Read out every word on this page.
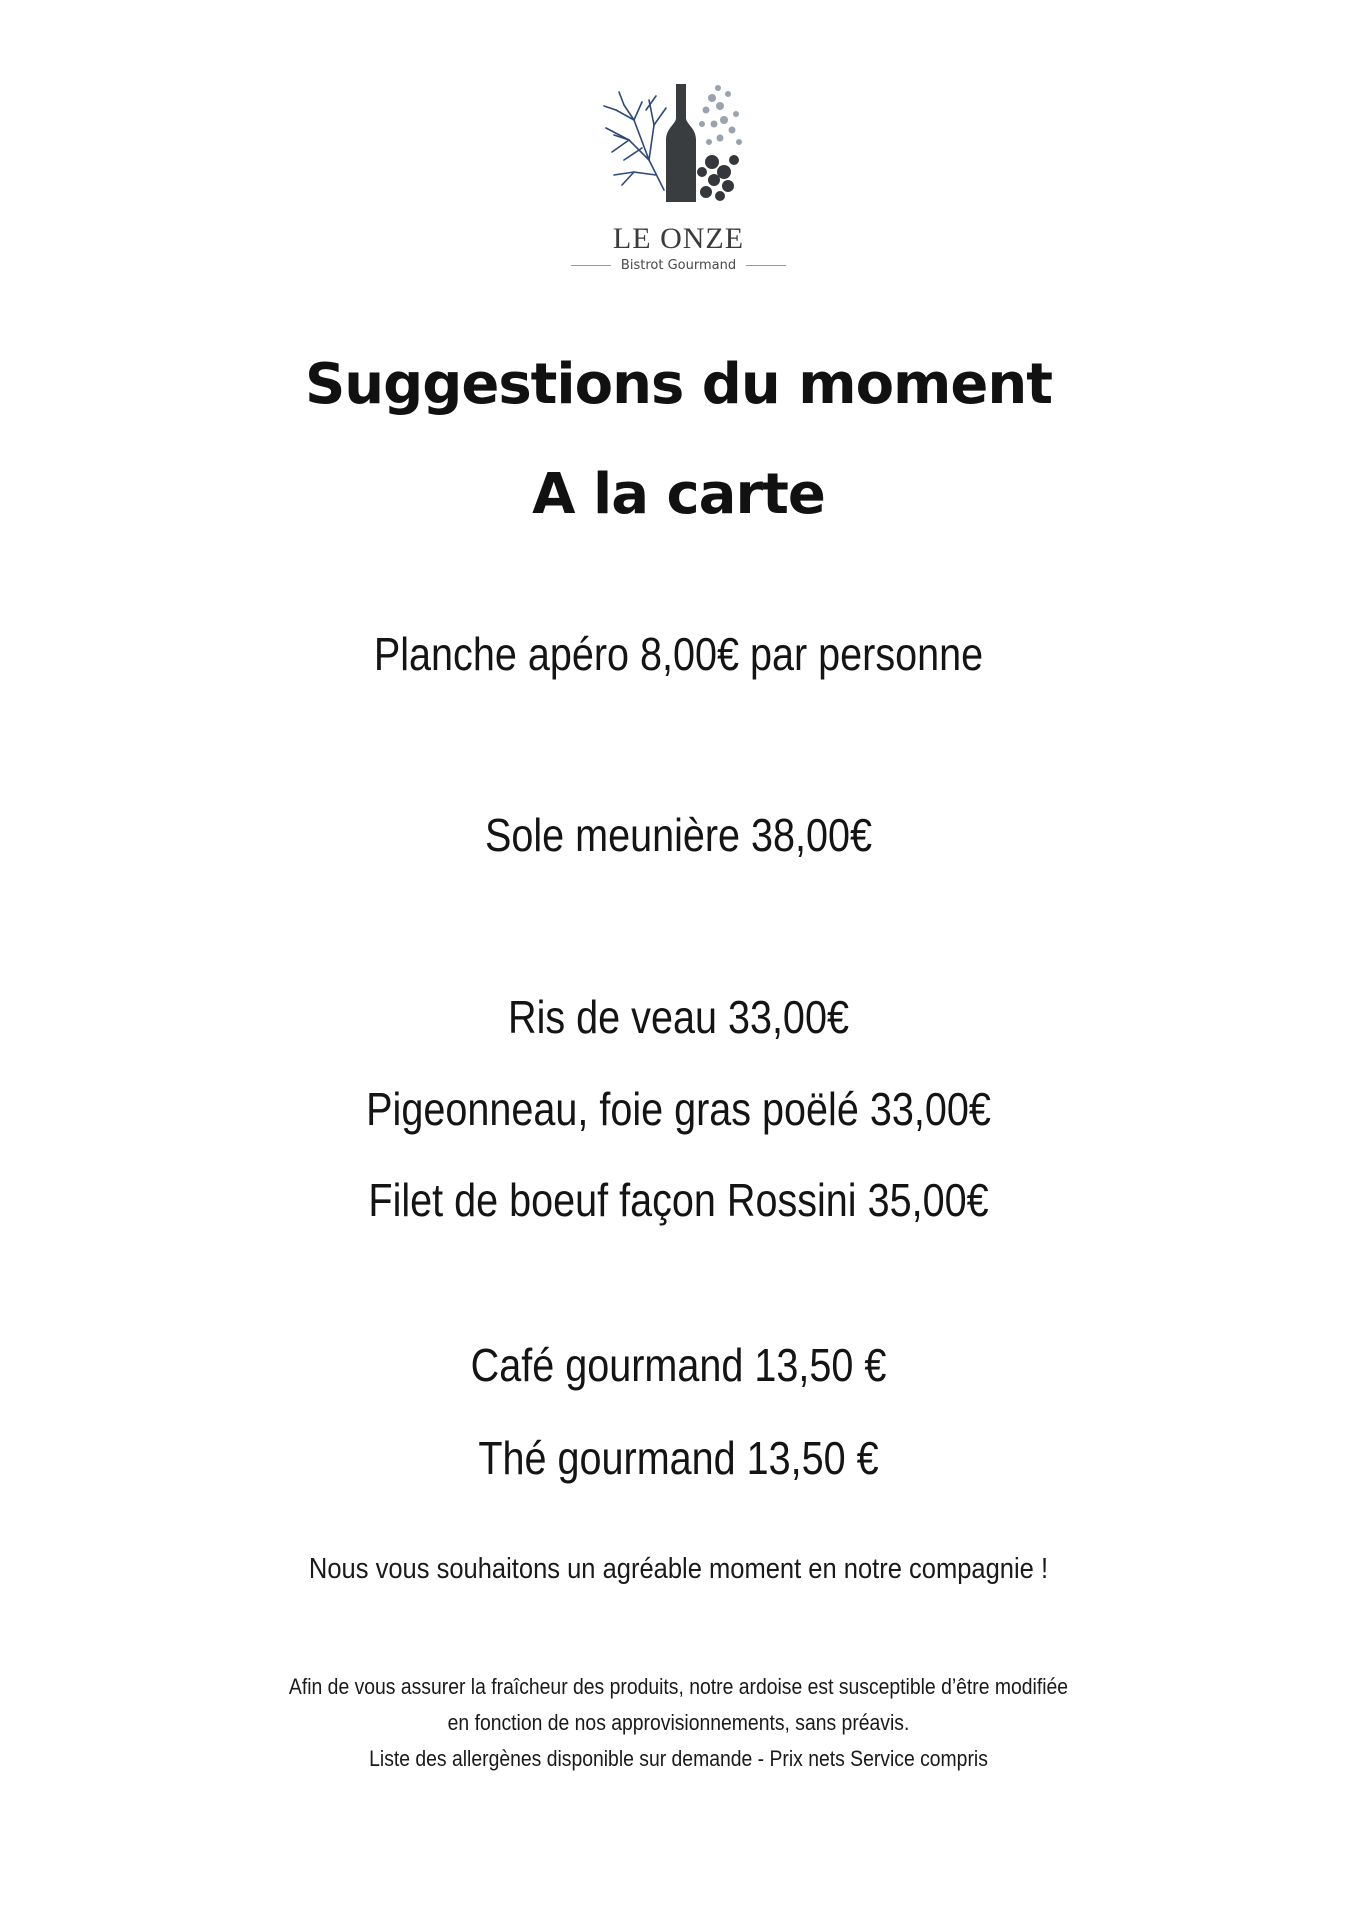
LE ONZE
Bistrot Gourmand
Suggestions du moment
A la carte
Planche apéro 8,00€ par personne
Sole meunière 38,00€
Ris de veau 33,00€
Pigeonneau, foie gras poëlé 33,00€
Filet de boeuf façon Rossini 35,00€
Café gourmand 13,50 €
Thé gourmand 13,50 €
Nous vous souhaitons un agréable moment en notre compagnie !
Afin de vous assurer la fraîcheur des produits, notre ardoise est susceptible d’être modifiée
en fonction de nos approvisionnements, sans préavis.
Liste des allergènes disponible sur demande - Prix nets Service compris
